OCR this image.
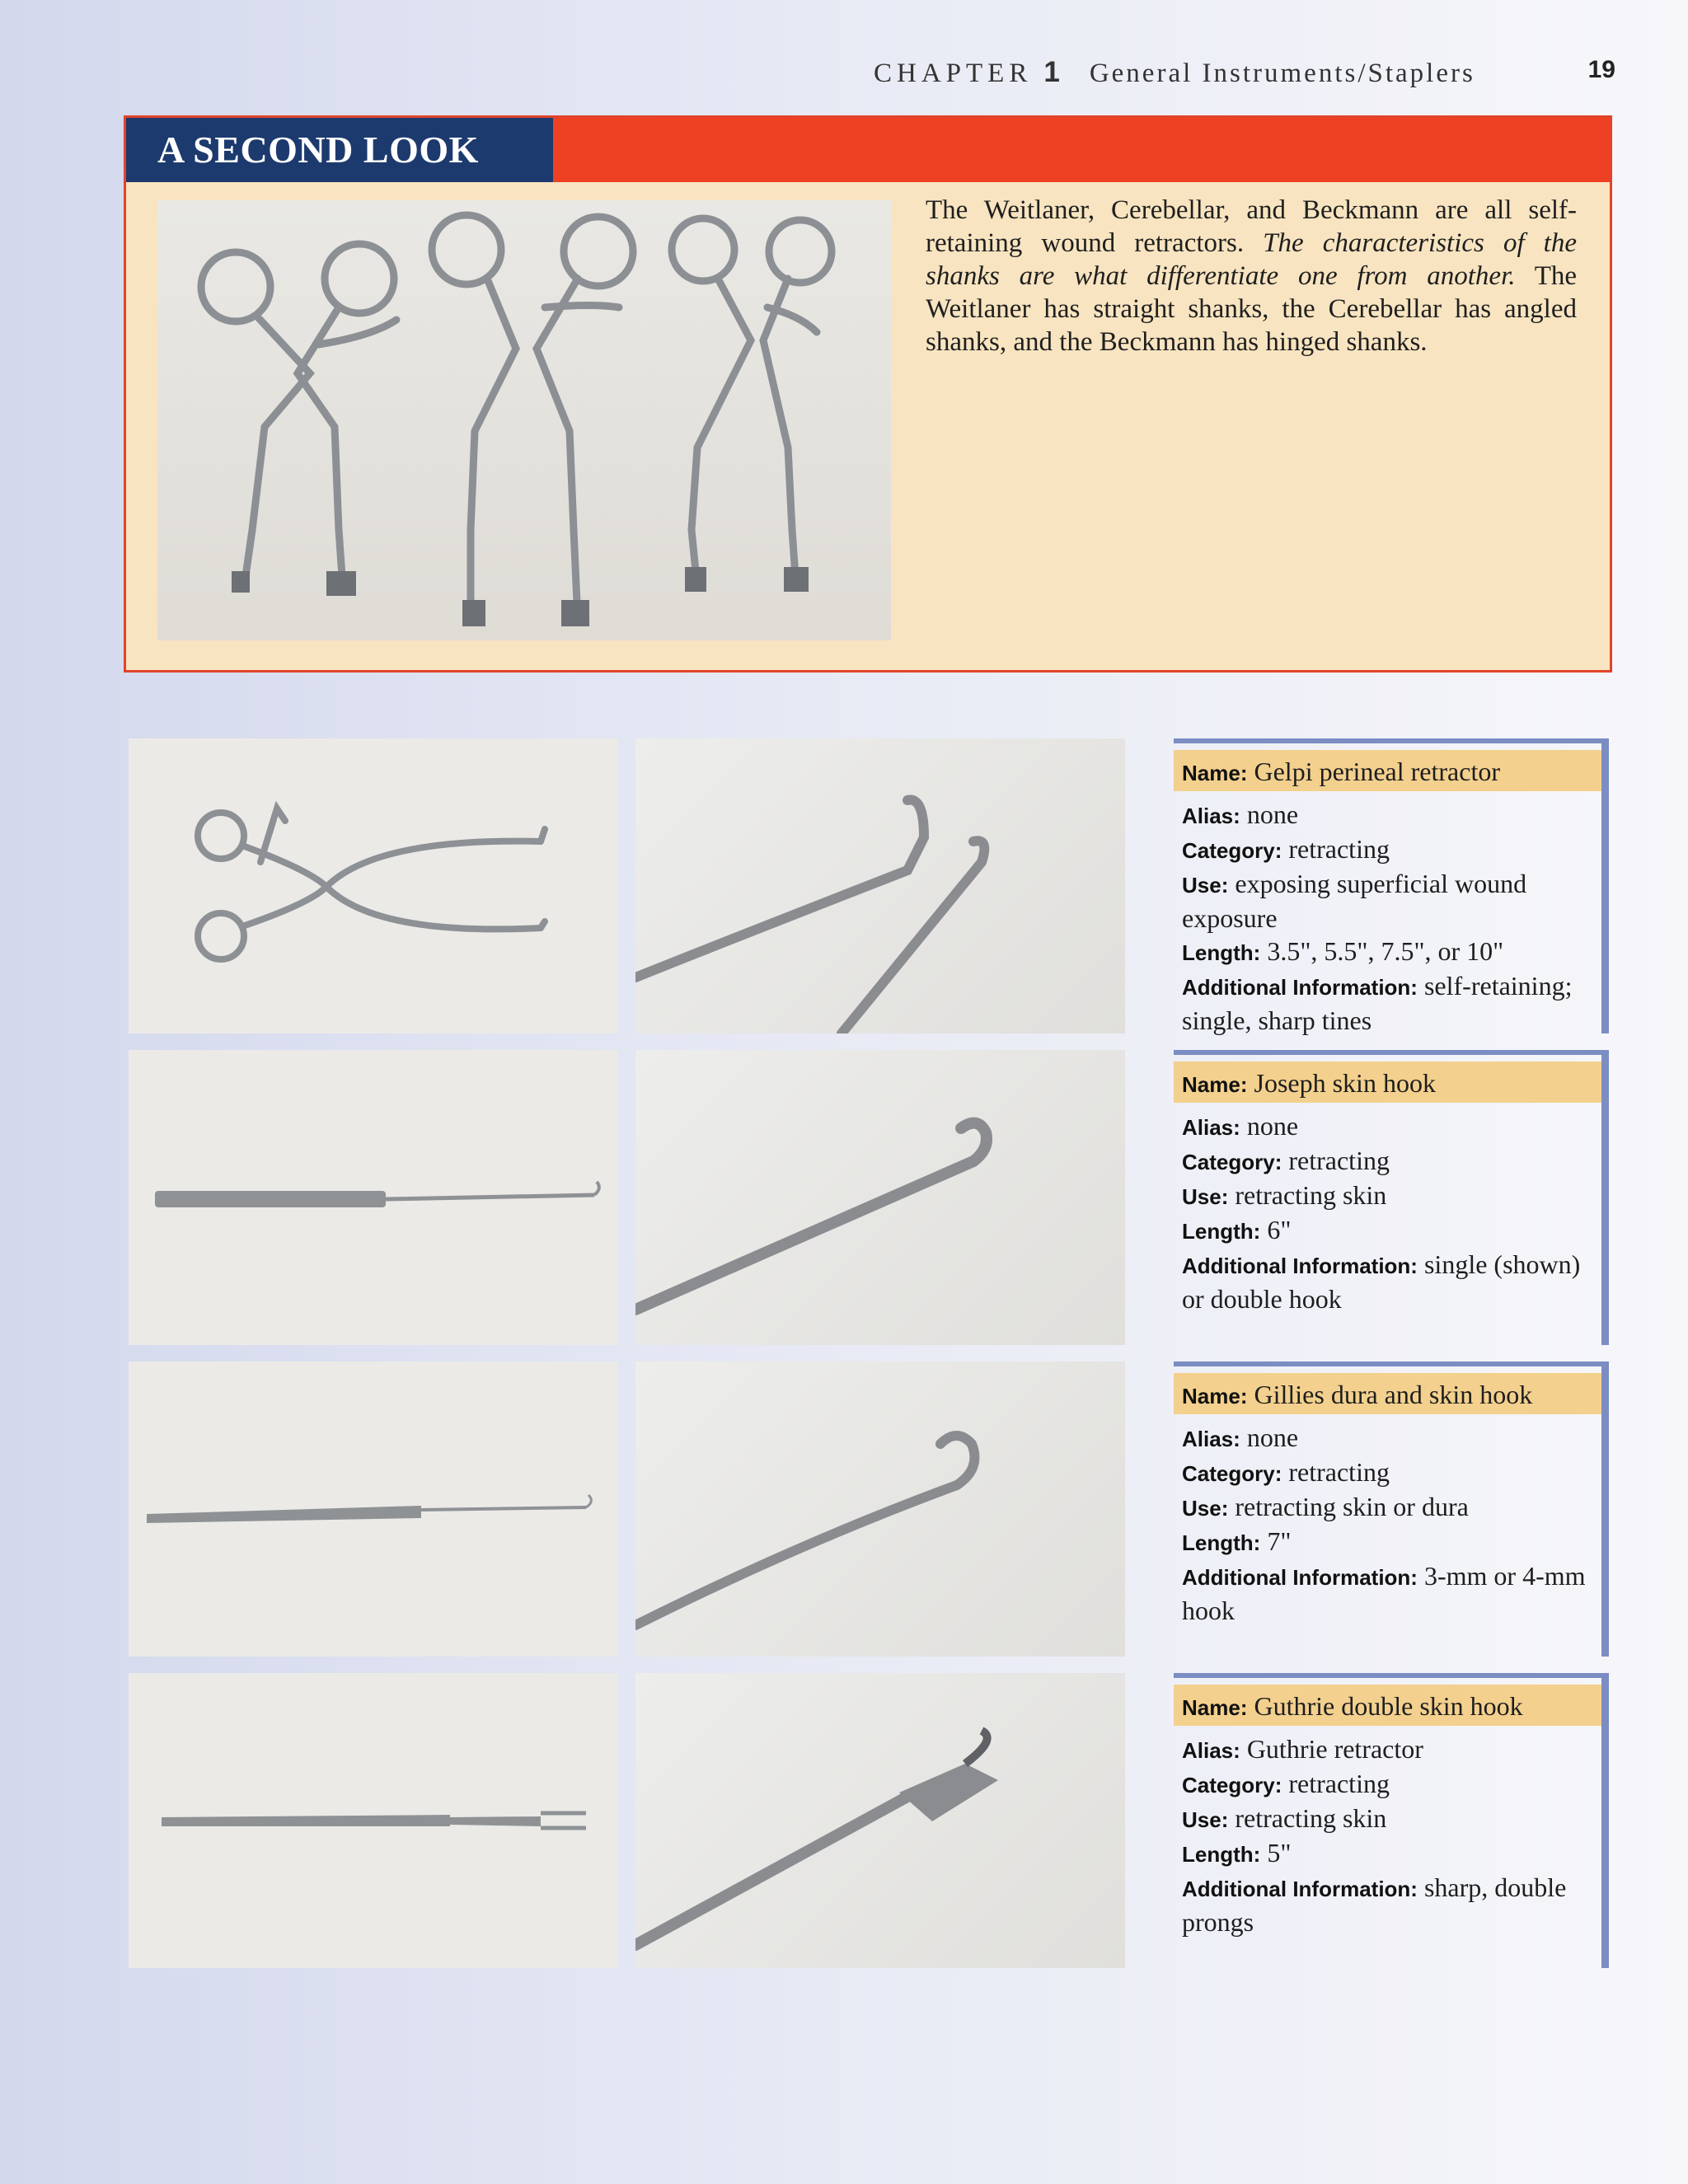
CHAPTER 1 General Instruments/Staplers	19
A SECOND LOOK
The Weitlaner, Cerebellar, and Beckmann are all self-retaining wound retractors. The characteristics of the shanks are what differentiate one from another. The Weitlaner has straight shanks, the Cerebellar has angled shanks, and the Beckmann has hinged shanks.
Name: Gelpi perineal retractor
Alias: none
Category: retracting
Use: exposing superficial wound exposure
Length: 3.5", 5.5", 7.5", or 10"
Additional Information: self-retaining; single, sharp tines
Name: Joseph skin hook
Alias: none
Category: retracting
Use: retracting skin
Length: 6"
Additional Information: single (shown) or double hook
Name: Gillies dura and skin hook
Alias: none
Category: retracting
Use: retracting skin or dura
Length: 7"
Additional Information: 3-mm or 4-mm hook
Name: Guthrie double skin hook
Alias: Guthrie retractor
Category: retracting
Use: retracting skin
Length: 5"
Additional Information: sharp, double prongs
